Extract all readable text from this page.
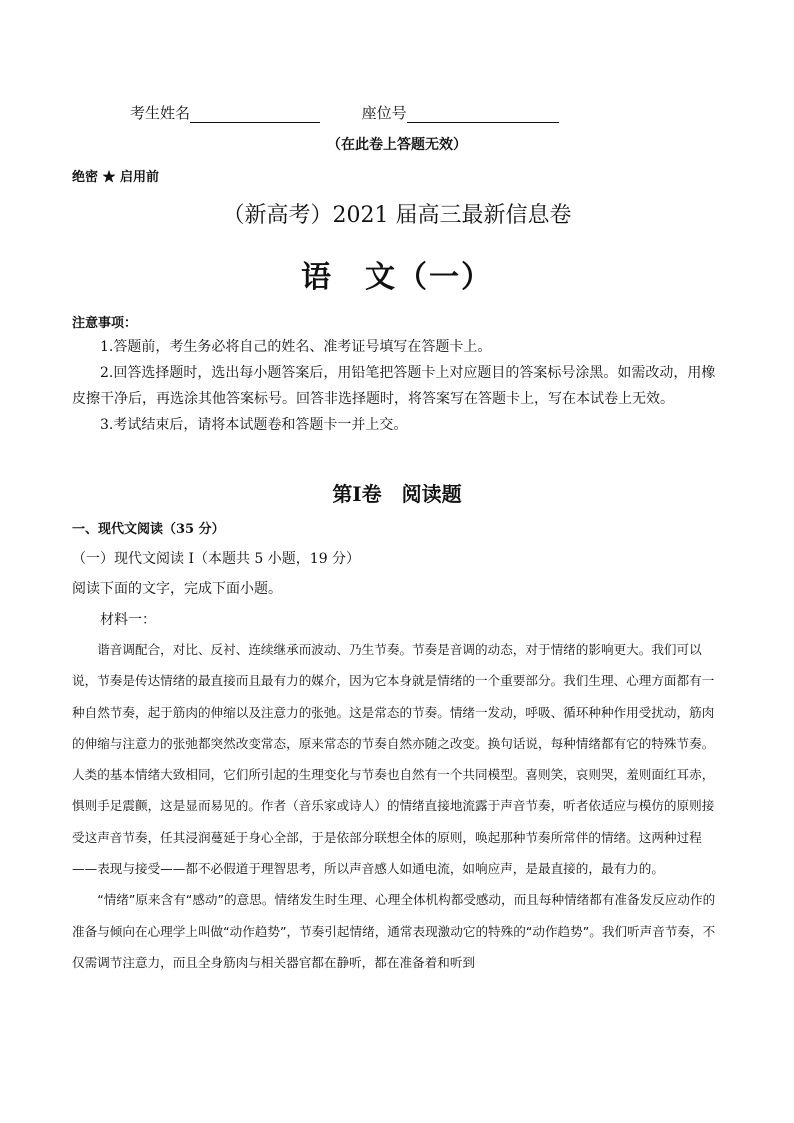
考生姓名	座位号
（在此卷上答题无效）
绝密 ★ 启用前
（新高考）2021 届高三最新信息卷
语　文（一）
注意事项：

1.答题前，考生务必将自己的姓名、准考证号填写在答题卡上。

2.回答选择题时，选出每小题答案后，用铅笔把答题卡上对应题目的答案标号涂黑。如需改动，用橡皮擦干净后，再选涂其他答案标号。回答非选择题时，将答案写在答题卡上，写在本试卷上无效。

3.考试结束后，请将本试题卷和答题卡一并上交。

第Ⅰ卷　阅读题
一、现代文阅读（35 分）
（一）现代文阅读 I（本题共 5 小题，19 分）
阅读下面的文字，完成下面小题。
材料一：

谐音调配合，对比、反衬、连续继承而波动、乃生节奏。节奏是音调的动态，对于情绪的影响更大。我们可以说，节奏是传达情绪的最直接而且最有力的媒介，因为它本身就是情绪的一个重要部分。我们生理、心理方面都有一种自然节奏，起于筋肉的伸缩以及注意力的张弛。这是常态的节奏。情绪一发动，呼吸、循环种种作用受扰动，筋肉的伸缩与注意力的张弛都突然改变常态，原来常态的节奏自然亦随之改变。换句话说，每种情绪都有它的特殊节奏。人类的基本情绪大致相同，它们所引起的生理变化与节奏也自然有一个共同模型。喜则笑，哀则哭，羞则面红耳赤，惧则手足震颤，这是显而易见的。作者（音乐家或诗人）的情绪直接地流露于声音节奏，听者依适应与模仿的原则接受这声音节奏，任其浸润蔓延于身心全部，于是依部分联想全体的原则，唤起那种节奏所常伴的情绪。这两种过程——表现与接受——都不必假道于理智思考，所以声音感人如通电流，如响应声，是最直接的，最有力的。

“情绪”原来含有“感动”的意思。情绪发生时生理、心理全体机构都受感动，而且每种情绪都有准备发反应动作的准备与倾向在心理学上叫做“动作趋势”，节奏引起情绪，通常表现激动它的特殊的“动作趋势”。我们听声音节奏，不仅需调节注意力，而且全身筋肉与相关器官都在静听，都在准备着和听到
